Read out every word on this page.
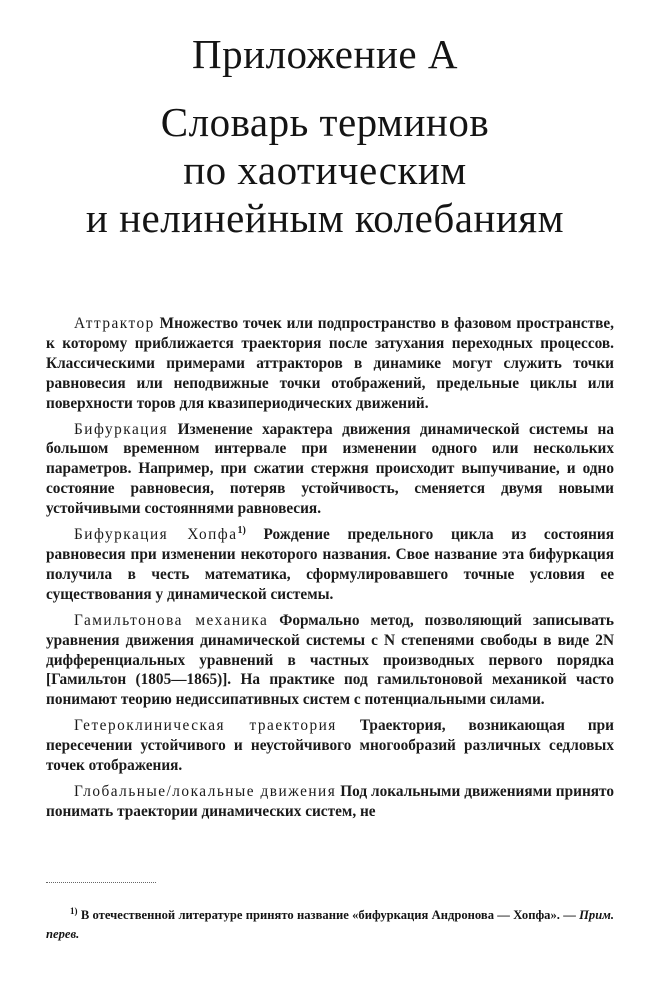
Приложение А
Словарь терминов
по хаотическим
и нелинейным колебаниям

Аттрактор Множество точек или подпространство в фазовом пространстве, к которому приближается траектория после затухания переходных процессов. Классическими примерами аттракторов в динамике могут служить точки равновесия или неподвижные точки отображений, предельные циклы или поверхности торов для квазипериодических движений.

Бифуркация Изменение характера движения динамической системы на большом временном интервале при изменении одного или нескольких параметров. Например, при сжатии стержня происходит выпучивание, и одно состояние равновесия, потеряв устойчивость, сменяется двумя новыми устойчивыми состояннями равновесия.

Бифуркация Хопфа$^{1)}$ Рождение предельного цикла из состояния равновесия при изменении некоторого названия. Свое название эта бифуркация получила в честь математика, сформулировавшего точные условия ее существования у динамической системы.

Гамильтонова механика Формально метод, позволяющий записывать уравнения движения динамической системы с N степенями свободы в виде 2N дифференциальных уравнений в частных производных первого порядка [Гамильтон (1805—1865)]. На практике под гамильтоновой механикой часто понимают теорию недиссипативных систем с потенциальными силами.

Гетероклиническая траектория Траектория, возникающая при пересечении устойчивого и неустойчивого многообразий различных седловых точек отображения.

Глобальные/локальные движения Под локальными движениями принято понимать траектории динамических систем, не

$^{1)}$ В отечественной литературе принято название «бифуркация Андронова — Хопфа». — Прим. перев.
